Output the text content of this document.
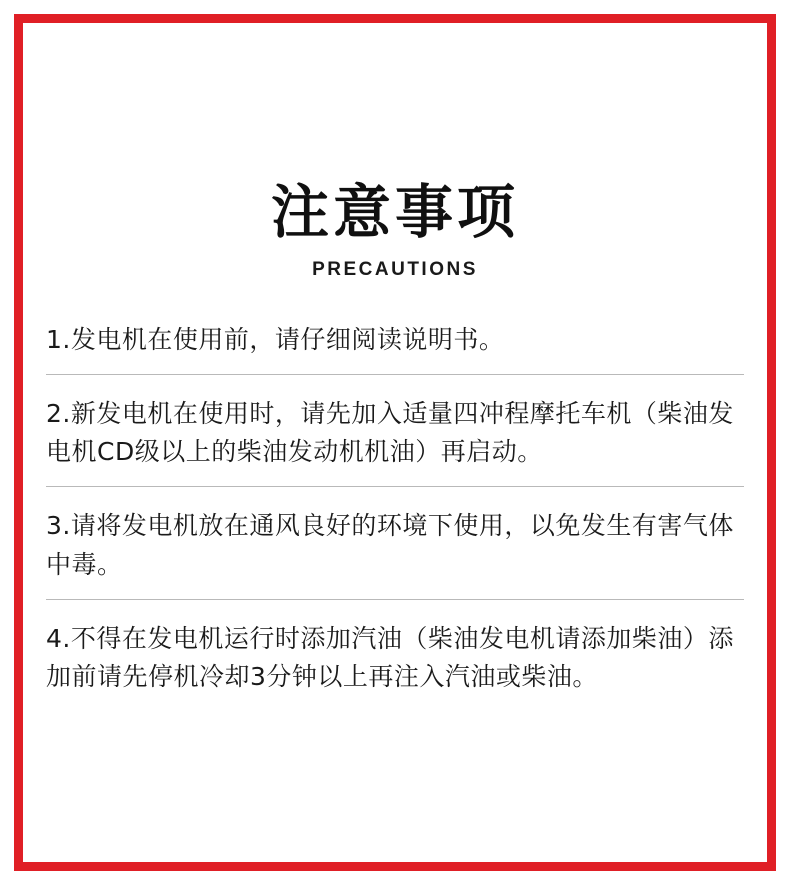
注意事项
PRECAUTIONS
1.发电机在使用前，请仔细阅读说明书。
2.新发电机在使用时，请先加入适量四冲程摩托车机（柴油发电机CD级以上的柴油发动机机油）再启动。
3.请将发电机放在通风良好的环境下使用，以免发生有害气体中毒。
4.不得在发电机运行时添加汽油（柴油发电机请添加柴油）添加前请先停机冷却3分钟以上再注入汽油或柴油。
